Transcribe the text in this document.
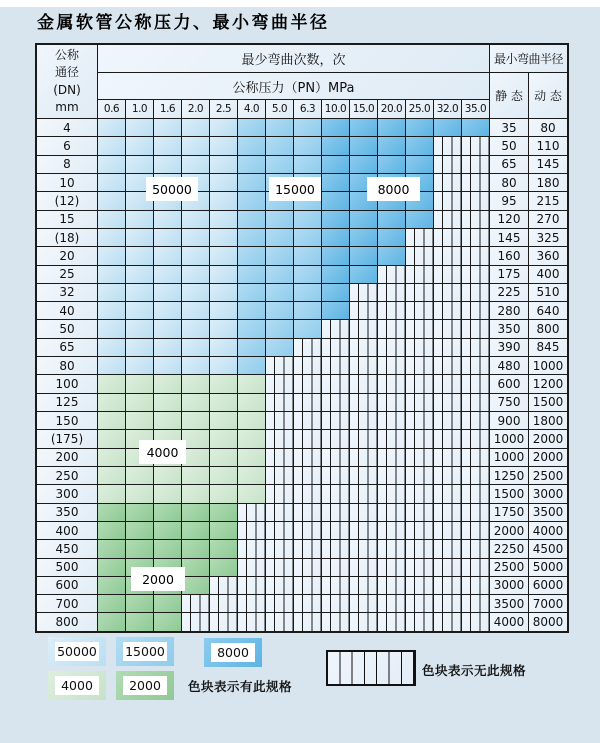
金属软管公称压力、最小弯曲半径
公称
通径
(DN)
mm
最少弯曲次数，次
公称压力（PN）MPa
0.6	1.0	1.6	2.0	2.5	4.0	5.0	6.3 10.0 15.0 20.0 25.0 32.0 35.0
最小弯曲半径
静 态 动 态
4	35	80
6	50	110
8	65	145
10	80	180
(12)	95	215
15	120	270
(18)	145	325
20	160	360
25	175	400
32	225	510
40	280	640
50	350	800
65	390	845
80	480	1000
100	600	1200
125	750	1500
150	900	1800
(175)	1000 2000
200	1000 2000
250	1250 2500
300	1500 3000
350	1750 3500
400	2000 4000
450	2250 4500
500	2500 5000
600	3000 6000
700	3500 7000
800	4000 8000
50000	15000	8000
4000
2000
50000 15000	8000
4000	2000	色块表示有此规格
色块表示无此规格
